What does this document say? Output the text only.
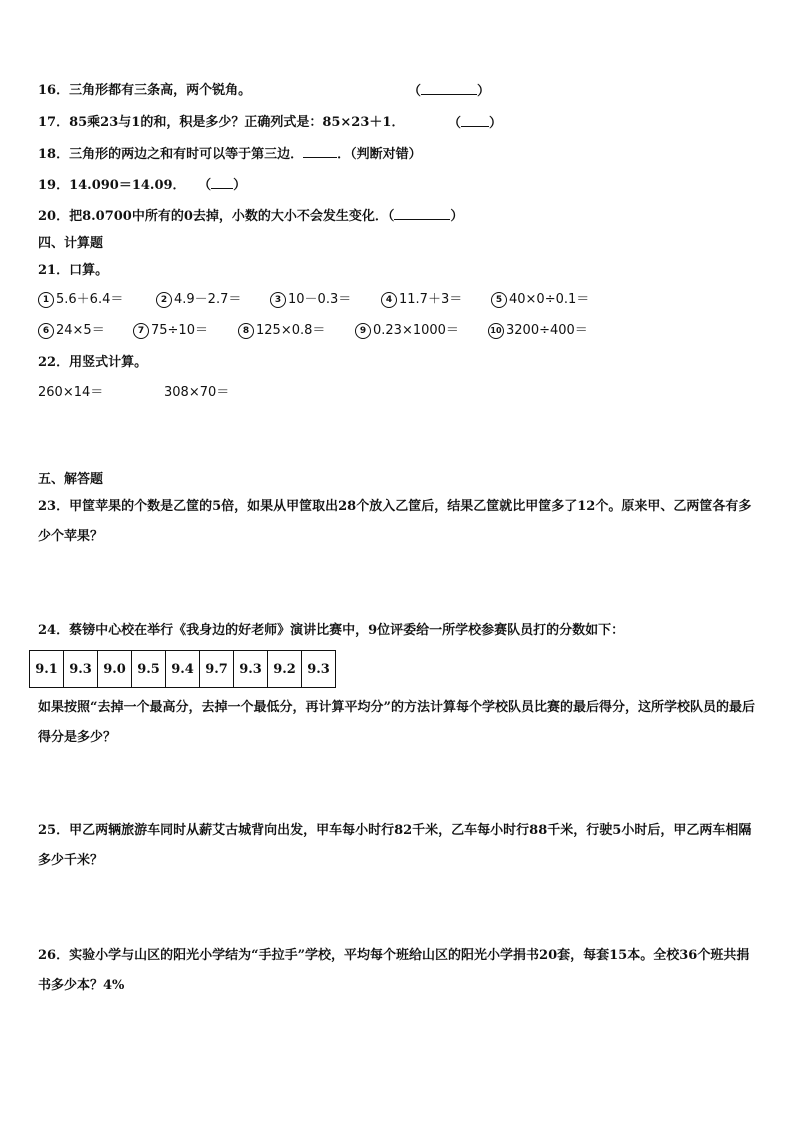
16．三角形都有三条高，两个锐角。	（	）
17．85乘23与1的和，积是多少？正确列式是：85×23＋1．	（ ）
18．三角形的两边之和有时可以等于第三边．	．（判断对错）
19．14.090＝14.09． （ ）
20．把8.0700中所有的0去掉，小数的大小不会发生变化．（	）
四、计算题
21．口算。
1 5.6＋6.4＝	2 4.9－2.7＝	3 10－0.3＝	4 11.7＋3＝	5 40×0÷0.1＝
6 24×5＝	7 75÷10＝	8 125×0.8＝	9 0.23×1000＝	10 3200÷400＝
22．用竖式计算。
260×14＝	308×70＝
五、解答题
23．甲筐苹果的个数是乙筐的5倍，如果从甲筐取出28个放入乙筐后，结果乙筐就比甲筐多了12个。原来甲、乙两筐各有多少个苹果？
24．蔡镑中心校在举行《我身边的好老师》演讲比赛中，9位评委给一所学校参赛队员打的分数如下：
9.1	9.3	9.0	9.5	9.4	9.7	9.3	9.2	9.3
如果按照“去掉一个最高分，去掉一个最低分，再计算平均分”的方法计算每个学校队员比赛的最后得分，这所学校队员的最后得分是多少？
25．甲乙两辆旅游车同时从薪艾古城背向出发，甲车每小时行82千米，乙车每小时行88千米，行驶5小时后，甲乙两车相隔多少千米？
26．实验小学与山区的阳光小学结为“手拉手”学校，平均每个班给山区的阳光小学捐书20套，每套15本。全校36个班共捐书多少本？4%
